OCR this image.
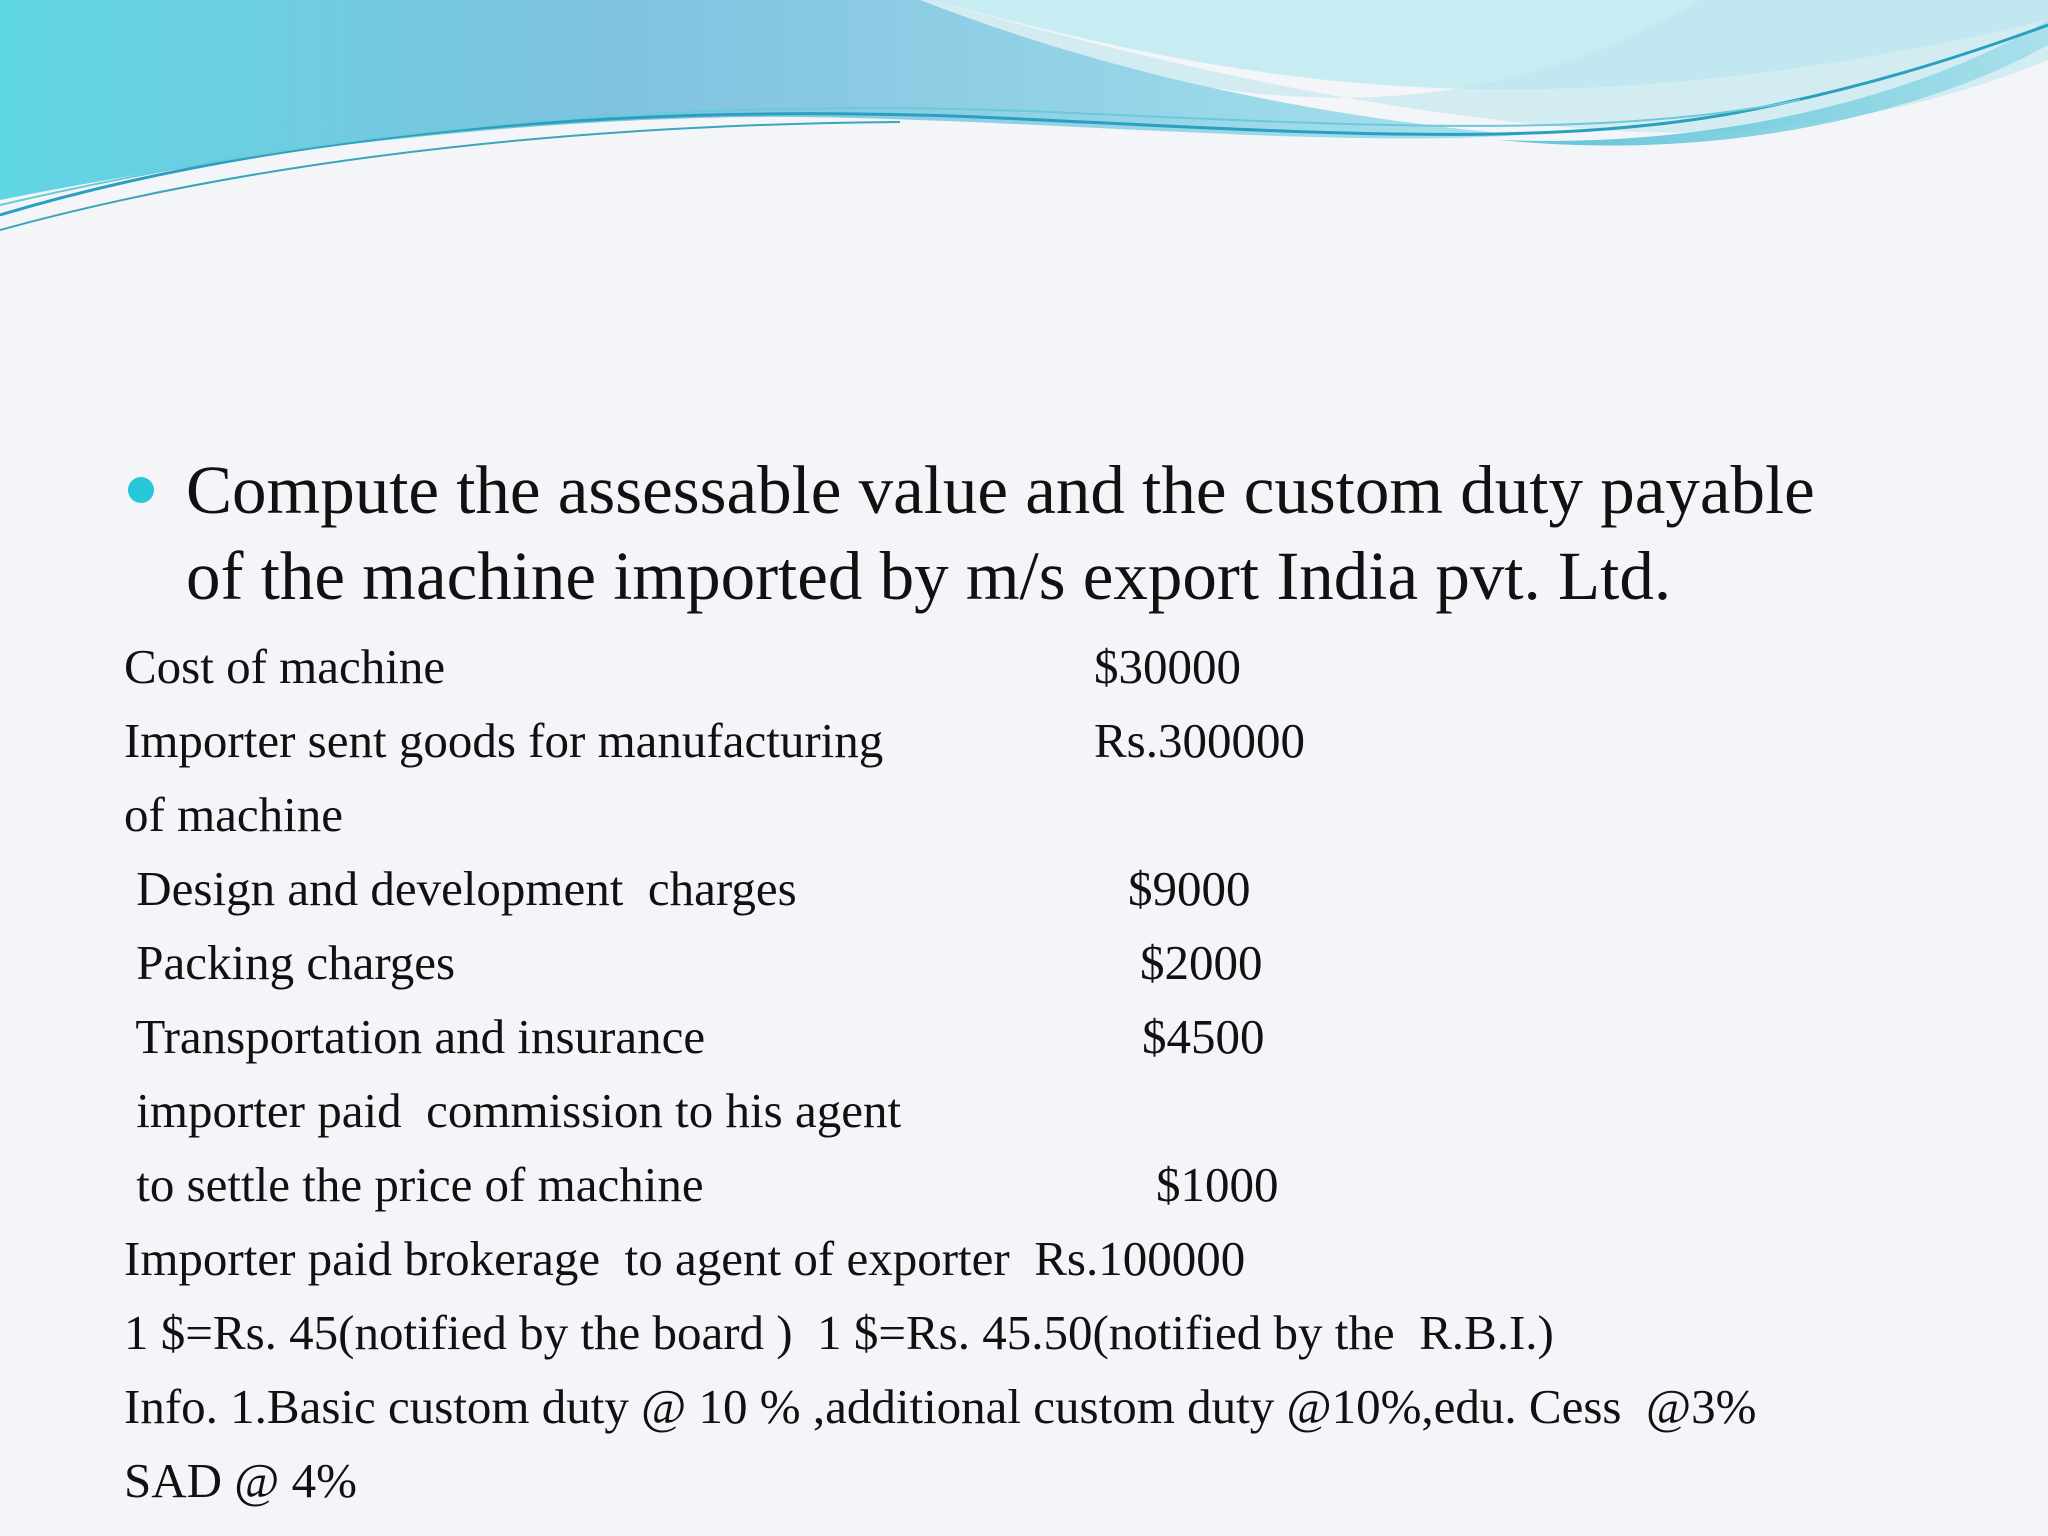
Compute the assessable value and the custom duty payable
of the machine imported by m/s export India pvt. Ltd.
Cost of machine	$30000
Importer sent goods for manufacturing	Rs.300000
of machine
Design and development  charges	$9000
Packing charges	$2000
Transportation and insurance	$4500
importer paid  commission to his agent
to settle the price of machine	$1000
Importer paid brokerage  to agent of exporter  Rs.100000
1 $=Rs. 45(notified by the board )  1 $=Rs. 45.50(notified by the  R.B.I.)
Info. 1.Basic custom duty @ 10 % ,additional custom duty @10%,edu. Cess  @3%
SAD @ 4%
